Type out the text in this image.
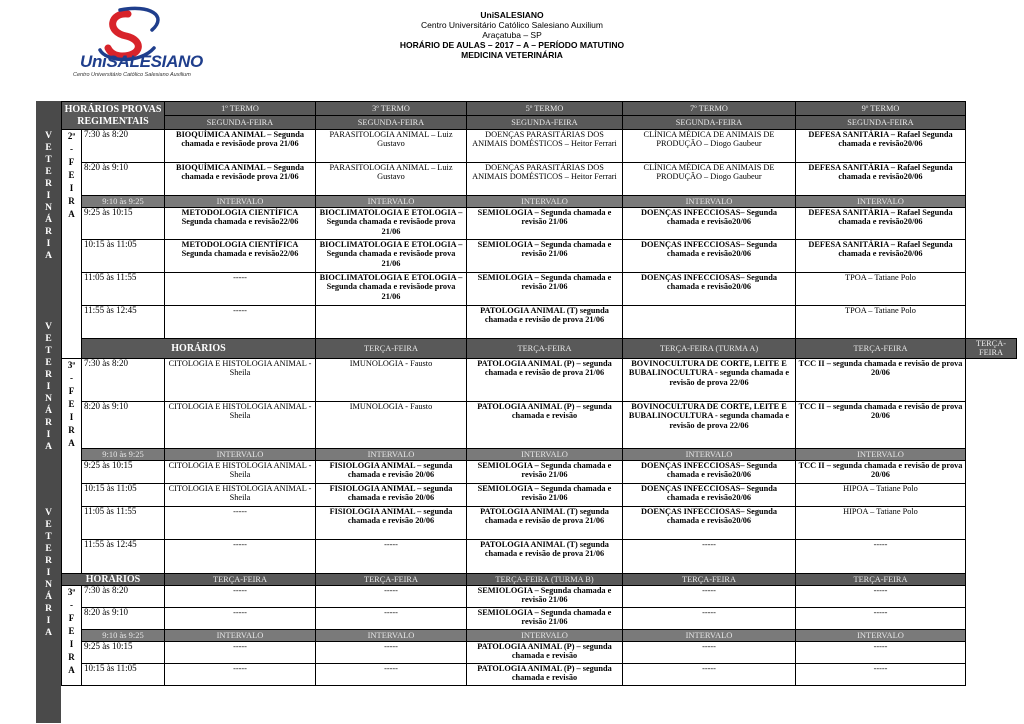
UniSALESIANO
Centro Universitário Católico Salesiano Auxilium
UniSALESIANO
Centro Universitário Católico Salesiano Auxilium
Araçatuba – SP
HORÁRIO DE AULAS – 2017 – A – PERÍODO MATUTINO
MEDICINA VETERINÁRIA
VETERINÁRIA
VETERINÁRIA
VETERINÁRIA
HORÁRIOS PROVAS REGIMENTAIS		1º TERMO	3º TERMO	5º TERMO	7º TERMO	9º TERMO	
		SEGUNDA-FEIRA	SEGUNDA-FEIRA	SEGUNDA-FEIRA	SEGUNDA-FEIRA	SEGUNDA-FEIRA	
2ª - F E I R A	7:30 às 8:20	BIOQUÍMICA ANIMAL – Segunda chamada e revisãode prova 21/06	PARASITOLOGIA ANIMAL – Luiz Gustavo	DOENÇAS PARASITÁRIAS DOS ANIMAIS DOMÉSTICOS – Heitor Ferrari	CLÍNICA MÉDICA DE ANIMAIS DE PRODUÇÃO – Diogo Gaubeur	DEFESA SANITÁRIA – Rafael Segunda chamada e revisão20/06	
	8:20 às 9:10	BIOQUÍMICA ANIMAL – Segunda chamada e revisãode prova 21/06	PARASITOLOGIA ANIMAL – Luiz Gustavo	DOENÇAS PARASITÁRIAS DOS ANIMAIS DOMÉSTICOS – Heitor Ferrari	CLÍNICA MÉDICA DE ANIMAIS DE PRODUÇÃO – Diogo Gaubeur	DEFESA SANITÁRIA – Rafael Segunda chamada e revisão20/06	
	9:10 às 9:25	INTERVALO	INTERVALO	INTERVALO	INTERVALO	INTERVALO	
	9:25 às 10:15	METODOLOGIA CIENTÍFICA Segunda chamada e revisão22/06	BIOCLIMATOLOGIA E ETOLOGIA – Segunda chamada e revisãode prova 21/06	SEMIOLOGIA – Segunda chamada e revisão 21/06	DOENÇAS INFECCIOSAS– Segunda chamada e revisão20/06	DEFESA SANITÁRIA – Rafael Segunda chamada e revisão20/06	
	10:15 às 11:05	METODOLOGIA CIENTÍFICA Segunda chamada e revisão22/06	BIOCLIMATOLOGIA E ETOLOGIA – Segunda chamada e revisãode prova 21/06	SEMIOLOGIA – Segunda chamada e revisão 21/06	DOENÇAS INFECCIOSAS– Segunda chamada e revisão20/06	DEFESA SANITÁRIA – Rafael Segunda chamada e revisão20/06	
	11:05 às 11:55	-----	BIOCLIMATOLOGIA E ETOLOGIA – Segunda chamada e revisãode prova 21/06	SEMIOLOGIA – Segunda chamada e revisão 21/06	DOENÇAS INFECCIOSAS– Segunda chamada e revisão20/06	TPOA – Tatiane Polo	
	11:55 às 12:45	-----		PATOLOGIA ANIMAL (T) segunda chamada e revisão de prova 21/06		TPOA – Tatiane Polo	
	HORÁRIOS		TERÇA-FEIRA	TERÇA-FEIRA	TERÇA-FEIRA (TURMA A)	TERÇA-FEIRA	TERÇA-FEIRA
3ª - F E I R A	7:30 às 8:20	CITOLOGIA E HISTOLOGIA ANIMAL - Sheila	IMUNOLOGIA - Fausto	PATOLOGIA ANIMAL (P) – segunda chamada e revisão de prova 21/06	BOVINOCULTURA DE CORTE, LEITE E BUBALINOCULTURA - segunda chamada e revisão de prova 22/06	TCC II – segunda chamada e revisão de prova 20/06	
	8:20 às 9:10	CITOLOGIA E HISTOLOGIA ANIMAL - Sheila	IMUNOLOGIA - Fausto	PATOLOGIA ANIMAL (P) – segunda chamada e revisão	BOVINOCULTURA DE CORTE, LEITE E BUBALINOCULTURA - segunda chamada e revisão de prova 22/06	TCC II – segunda chamada e revisão de prova 20/06	
	9:10 às 9:25	INTERVALO	INTERVALO	INTERVALO	INTERVALO	INTERVALO	
	9:25 às 10:15	CITOLOGIA E HISTOLOGIA ANIMAL - Sheila	FISIOLOGIA ANIMAL – segunda chamada e revisão 20/06	SEMIOLOGIA – Segunda chamada e revisão 21/06	DOENÇAS INFECCIOSAS– Segunda chamada e revisão20/06	TCC II – segunda chamada e revisão de prova 20/06	
	10:15 às 11:05	CITOLOGIA E HISTOLOGIA ANIMAL - Sheila	FISIOLOGIA ANIMAL – segunda chamada e revisão 20/06	SEMIOLOGIA – Segunda chamada e revisão 21/06	DOENÇAS INFECCIOSAS– Segunda chamada e revisão20/06	HIPOA – Tatiane Polo	
	11:05 às 11:55	-----	FISIOLOGIA ANIMAL – segunda chamada e revisão 20/06	PATOLOGIA ANIMAL (T) segunda chamada e revisão de prova 21/06	DOENÇAS INFECCIOSAS– Segunda chamada e revisão20/06	HIPOA – Tatiane Polo	
	11:55 às 12:45	-----	-----	PATOLOGIA ANIMAL (T) segunda chamada e revisão de prova 21/06	-----	-----	
HORÁRIOS		TERÇA-FEIRA	TERÇA-FEIRA	TERÇA-FEIRA (TURMA B)	TERÇA-FEIRA	TERÇA-FEIRA	
3ª - F E I R A	7:30 às 8:20	-----	-----	SEMIOLOGIA – Segunda chamada e revisão 21/06	-----	-----	
	8:20 às 9:10	-----	-----	SEMIOLOGIA – Segunda chamada e revisão 21/06	-----	-----	
	9:10 às 9:25	INTERVALO	INTERVALO	INTERVALO	INTERVALO	INTERVALO	
	9:25 às 10:15	-----	-----	PATOLOGIA ANIMAL (P) – segunda chamada e revisão	-----	-----	
	10:15 às 11:05	-----	-----	PATOLOGIA ANIMAL (P) – segunda chamada e revisão	-----	-----	
